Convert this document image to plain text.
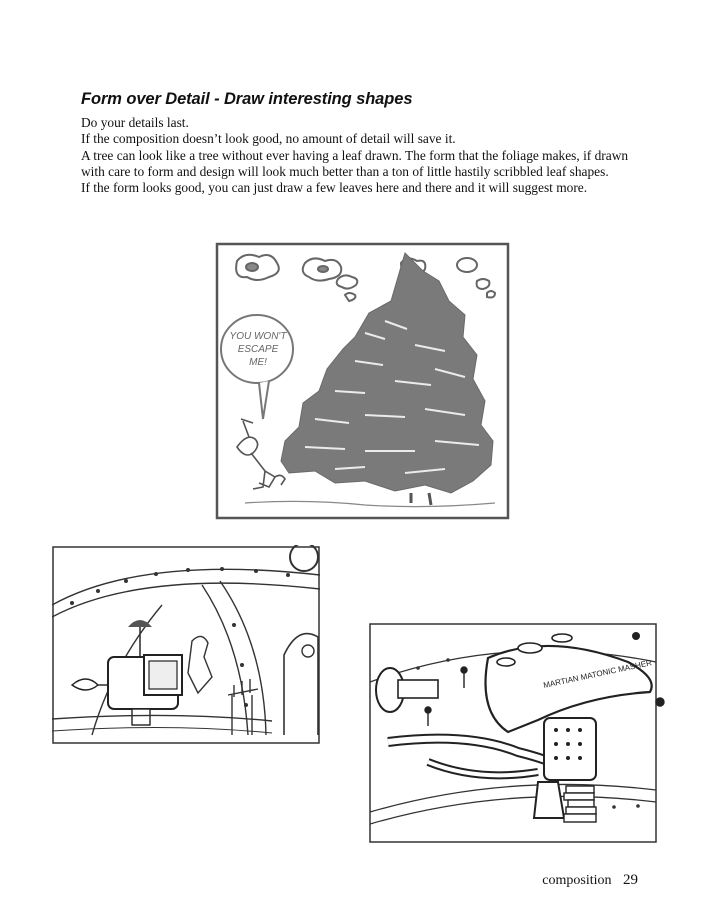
Form over Detail - Draw interesting shapes

Do your details last.

If the composition doesn’t look good, no amount of detail will save it.

A tree can look like a tree without ever having a leaf drawn. The form that the foliage makes, if drawn with care to form and design will look much better than a ton of little hastily scribbled leaf shapes.

If the form looks good, you can just draw a few leaves here and there and it will suggest more.

YOU WON'T
ESCAPE
ME!
MARTIAN MATONIC MASHER
composition 29
